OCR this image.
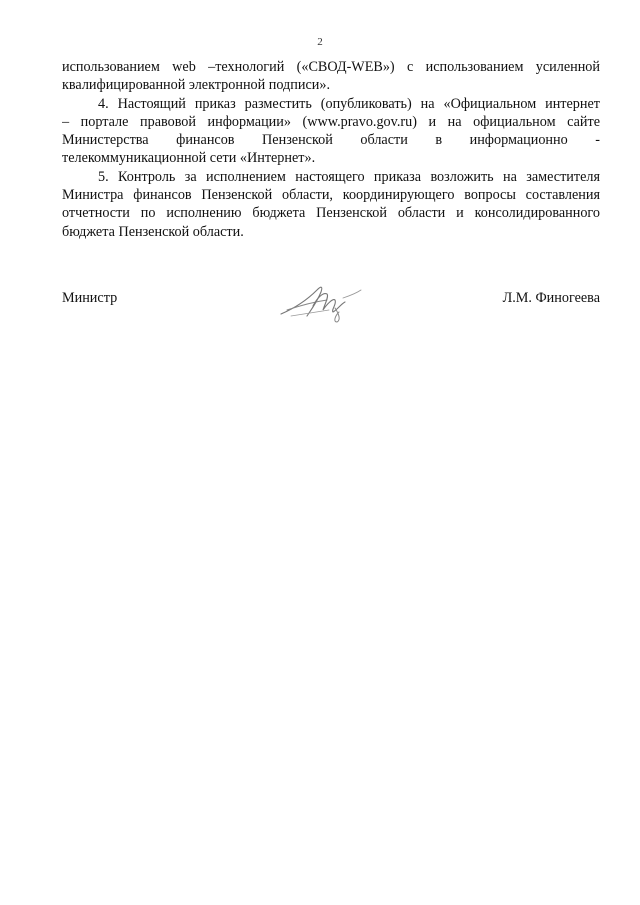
2
использованием web –технологий («СВОД-WEB») с использованием усиленной
квалифицированной электронной подписи».
4. Настоящий приказ разместить (опубликовать) на «Официальном интернет
– портале правовой информации» (www.pravo.gov.ru) и на официальном сайте
Министерства финансов Пензенской области в информационно -
телекоммуникационной сети «Интернет».
5. Контроль за исполнением настоящего приказа возложить на заместителя
Министра финансов Пензенской области, координирующего вопросы составления
отчетности по исполнению бюджета Пензенской области и консолидированного
бюджета Пензенской области.
Министр	Л.М. Финогеева
